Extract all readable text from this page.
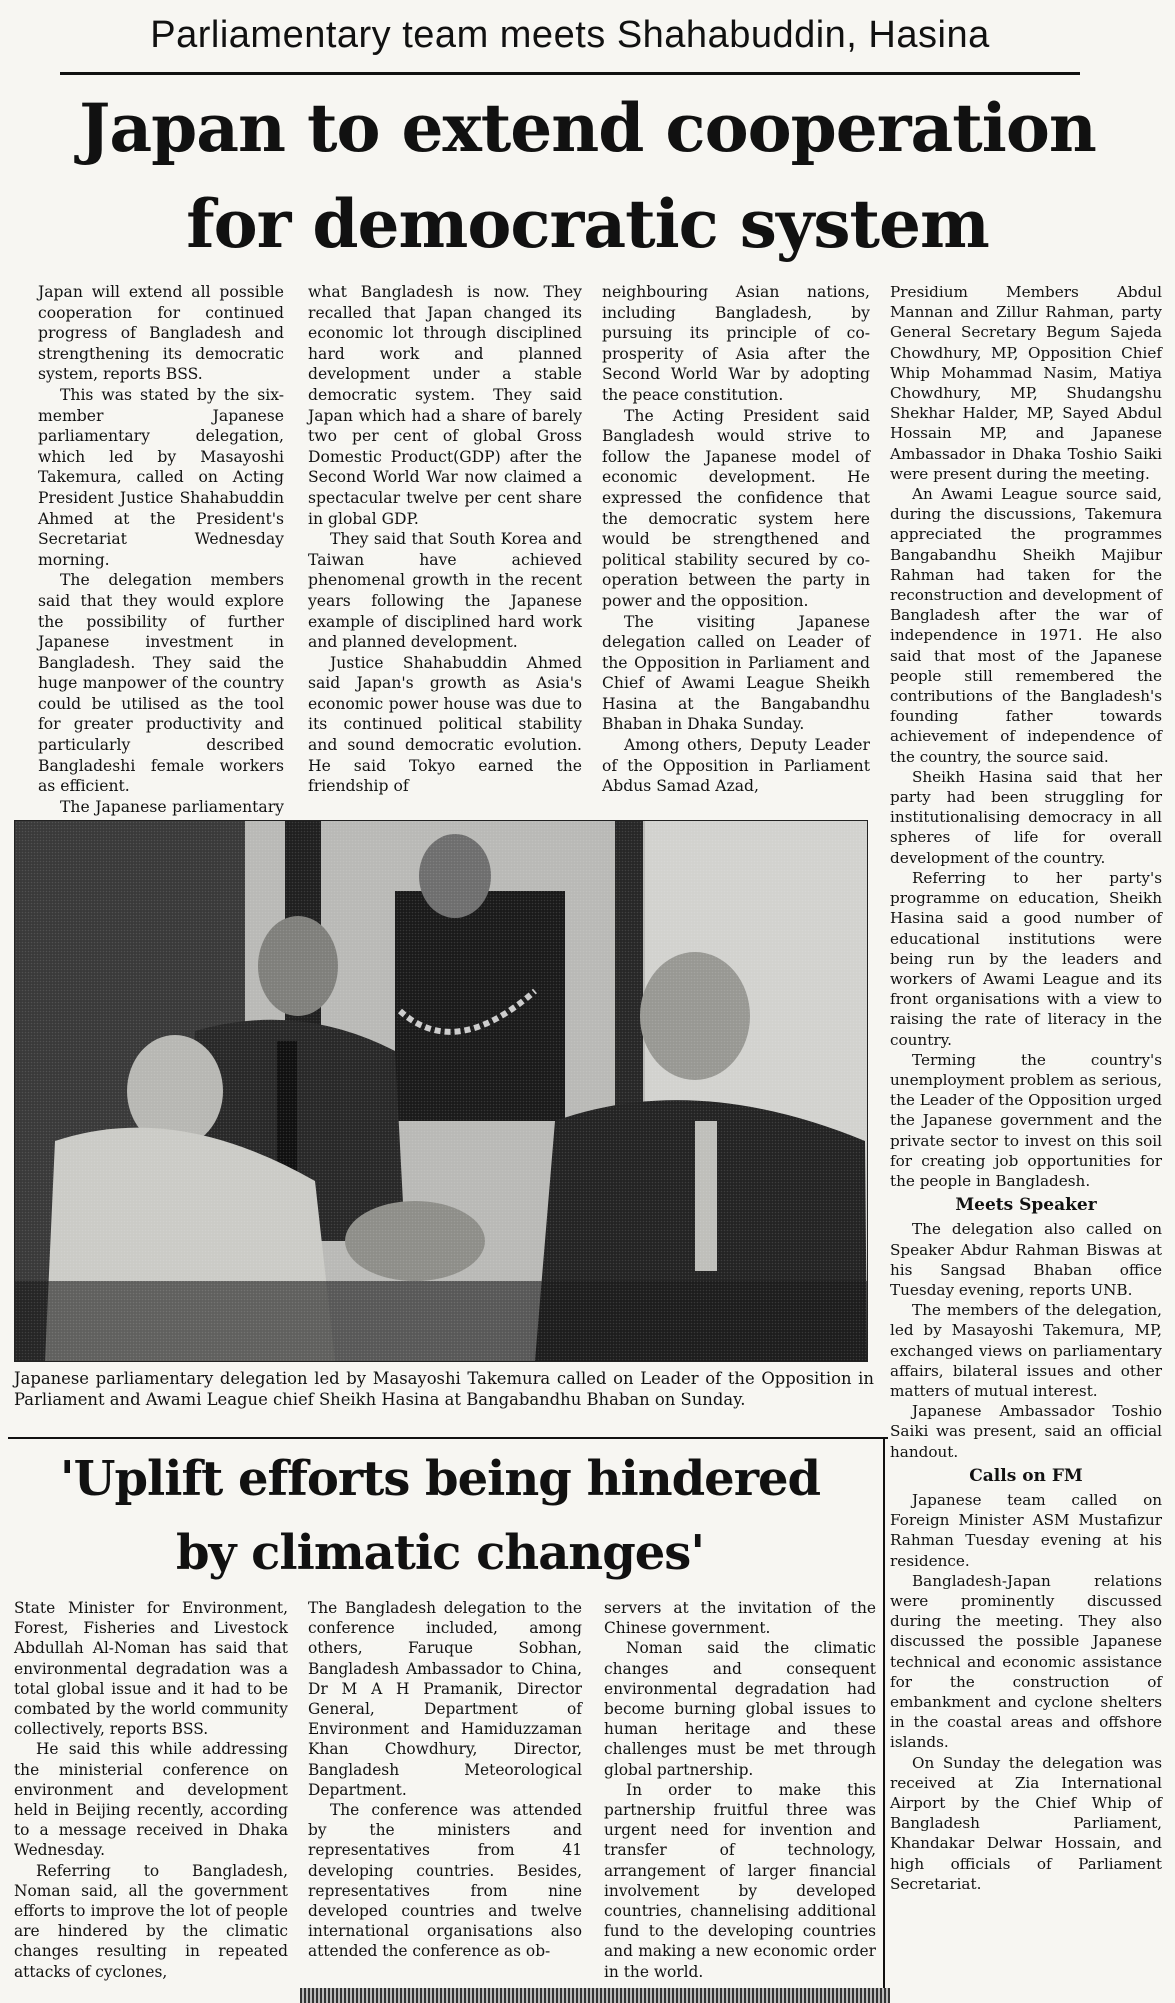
Parliamentary team meets Shahabuddin, Hasina
Japan to extend cooperation
for democratic system

Japan will extend all possible cooperation for continued progress of Bangladesh and strengthening its democratic system, reports BSS.

This was stated by the six-member Japanese parliamentary delegation, which led by Masayoshi Takemura, called on Acting President Justice Shahabuddin Ahmed at the President's Secretariat Wednesday morning.

The delegation members said that they would explore the possibility of further Japanese investment in Bangladesh. They said the huge manpower of the country could be utilised as the tool for greater productivity and particularly described Bangladeshi female workers as efficient.

The Japanese parliamentary

what Bangladesh is now. They recalled that Japan changed its economic lot through disciplined hard work and planned development under a stable democratic system. They said Japan which had a share of barely two per cent of global Gross Domestic Product(GDP) after the Second World War now claimed a spectacular twelve per cent share in global GDP.

They said that South Korea and Taiwan have achieved phenomenal growth in the recent years following the Japanese example of disciplined hard work and planned development.

Justice Shahabuddin Ahmed said Japan's growth as Asia's economic power house was due to its continued political stability and sound democratic evolution. He said Tokyo earned the friendship of

neighbouring Asian nations, including Bangladesh, by pursuing its principle of co-prosperity of Asia after the Second World War by adopting the peace constitution.

The Acting President said Bangladesh would strive to follow the Japanese model of economic development. He expressed the confidence that the democratic system here would be strengthened and political stability secured by co-operation between the party in power and the opposition.

The visiting Japanese delegation called on Leader of the Opposition in Parliament and Chief of Awami League Sheikh Hasina at the Bangabandhu Bhaban in Dhaka Sunday.

Among others, Deputy Leader of the Opposition in Parliament Abdus Samad Azad,

Presidium Members Abdul Mannan and Zillur Rahman, party General Secretary Begum Sajeda Chowdhury, MP, Opposition Chief Whip Mohammad Nasim, Matiya Chowdhury, MP, Shudangshu Shekhar Halder, MP, Sayed Abdul Hossain MP, and Japanese Ambassador in Dhaka Toshio Saiki were present during the meeting.

An Awami League source said, during the discussions, Takemura appreciated the programmes Bangabandhu Sheikh Majibur Rahman had taken for the reconstruction and development of Bangladesh after the war of independence in 1971. He also said that most of the Japanese people still remembered the contributions of the Bangladesh's founding father towards achievement of independence of the country, the source said.

Sheikh Hasina said that her party had been struggling for institutionalising democracy in all spheres of life for overall development of the country.

Referring to her party's programme on education, Sheikh Hasina said a good number of educational institutions were being run by the leaders and workers of Awami League and its front organisations with a view to raising the rate of literacy in the country.

Terming the country's unemployment problem as serious, the Leader of the Opposition urged the Japanese government and the private sector to invest on this soil for creating job opportunities for the people in Bangladesh.

Meets Speaker

The delegation also called on Speaker Abdur Rahman Biswas at his Sangsad Bhaban office Tuesday evening, reports UNB.

The members of the delegation, led by Masayoshi Takemura, MP, exchanged views on parliamentary affairs, bilateral issues and other matters of mutual interest.

Japanese Ambassador Toshio Saiki was present, said an official handout.

Calls on FM

Japanese team called on Foreign Minister ASM Mustafizur Rahman Tuesday evening at his residence.

Bangladesh-Japan relations were prominently discussed during the meeting. They also discussed the possible Japanese technical and economic assistance for the construction of embankment and cyclone shelters in the coastal areas and offshore islands.

On Sunday the delegation was received at Zia International Airport by the Chief Whip of Bangladesh Parliament, Khandakar Delwar Hossain, and high officials of Parliament Secretariat.

Japanese parliamentary delegation led by Masayoshi Takemura called on Leader of the Opposition in Parliament and Awami League chief Sheikh Hasina at Bangabandhu Bhaban on Sunday.
'Uplift efforts being hindered
by climatic changes'

State Minister for Environment, Forest, Fisheries and Livestock Abdullah Al-Noman has said that environmental degradation was a total global issue and it had to be combated by the world community collectively, reports BSS.

He said this while addressing the ministerial conference on environment and development held in Beijing recently, according to a message received in Dhaka Wednesday.

Referring to Bangladesh, Noman said, all the government efforts to improve the lot of people are hindered by the climatic changes resulting in repeated attacks of cyclones,

The Bangladesh delegation to the conference included, among others, Faruque Sobhan, Bangladesh Ambassador to China, Dr M A H Pramanik, Director General, Department of Environment and Hamiduzzaman Khan Chowdhury, Director, Bangladesh Meteorological Department.

The conference was attended by the ministers and representatives from 41 developing countries. Besides, representatives from nine developed countries and twelve international organisations also attended the conference as ob-

servers at the invitation of the Chinese government.

Noman said the climatic changes and consequent environmental degradation had become burning global issues to human heritage and these challenges must be met through global partnership.

In order to make this partnership fruitful three was urgent need for invention and transfer of technology, arrangement of larger financial involvement by developed countries, channelising additional fund to the developing countries and making a new economic order in the world.
